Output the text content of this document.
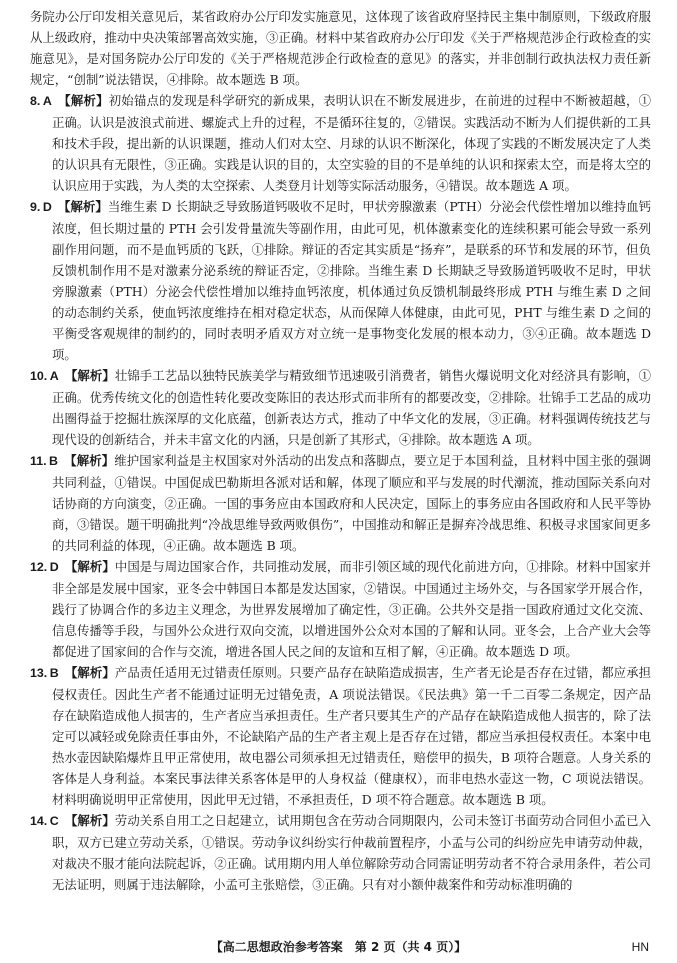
务院办公厅印发相关意见后，某省政府办公厅印发实施意见，这体现了该省政府坚持民主集中制原则，下级政府服从上级政府，推动中央决策部署高效实施，③正确。材料中某省政府办公厅印发《关于严格规范涉企行政检查的实施意见》，是对国务院办公厅印发的《关于严格规范涉企行政检查的意见》的落实，并非创制行政执法权力责任新规定，“创制”说法错误，④排除。故本题选 B 项。

8.  A  【解析】初始锚点的发现是科学研究的新成果，表明认识在不断发展进步，在前进的过程中不断被超越，①正确。认识是波浪式前进、螺旋式上升的过程，不是循环往复的，②错误。实践活动不断为人们提供新的工具和技术手段，提出新的认识课题，推动人们对太空、月球的认识不断深化，体现了实践的不断发展决定了人类的认识具有无限性，③正确。实践是认识的目的，太空实验的目的不是单纯的认识和探索太空，而是将太空的认识应用于实践，为人类的太空探索、人类登月计划等实际活动服务，④错误。故本题选 A 项。

9.  D  【解析】当维生素 D 长期缺乏导致肠道钙吸收不足时，甲状旁腺激素（PTH）分泌会代偿性增加以维持血钙浓度，但长期过量的 PTH 会引发骨量流失等副作用，由此可见，机体激素变化的连续积累可能会导致一系列副作用问题，而不是血钙质的飞跃，①排除。辩证的否定其实质是“扬弃”，是联系的环节和发展的环节，但负反馈机制作用不是对激素分泌系统的辩证否定，②排除。当维生素 D 长期缺乏导致肠道钙吸收不足时，甲状旁腺激素（PTH）分泌会代偿性增加以维持血钙浓度，机体通过负反馈机制最终形成 PTH 与维生素 D 之间的动态制约关系，使血钙浓度维持在相对稳定状态，从而保障人体健康，由此可见，PHT 与维生素 D 之间的平衡受客观规律的制约的，同时表明矛盾双方对立统一是事物变化发展的根本动力，③④正确。故本题选 D 项。

10.  A  【解析】壮锦手工艺品以独特民族美学与精致细节迅速吸引消费者，销售火爆说明文化对经济具有影响，①正确。优秀传统文化的创造性转化要改变陈旧的表达形式而非所有的都要改变，②排除。壮锦手工艺品的成功出圈得益于挖掘壮族深厚的文化底蕴，创新表达方式，推动了中华文化的发展，③正确。材料强调传统技艺与现代设的创新结合，并未丰富文化的内涵，只是创新了其形式，④排除。故本题选 A 项。

11.  B  【解析】维护国家利益是主权国家对外活动的出发点和落脚点，要立足于本国利益，且材料中国主张的强调共同利益，①错误。中国促成巴勒斯坦各派对话和解，体现了顺应和平与发展的时代潮流，推动国际关系向对话协商的方向演变，②正确。一国的事务应由本国政府和人民决定，国际上的事务应由各国政府和人民平等协商，③错误。题干明确批判“冷战思维导致两败俱伤”，中国推动和解正是摒弃冷战思维、积极寻求国家间更多的共同利益的体现，④正确。故本题选 B 项。

12.  D  【解析】中国是与周边国家合作，共同推动发展，而非引领区域的现代化前进方向，①排除。材料中国家并非全部是发展中国家，亚冬会中韩国日本都是发达国家，②错误。中国通过主场外交，与各国家学开展合作，践行了协调合作的多边主义理念，为世界发展增加了确定性，③正确。公共外交是指一国政府通过文化交流、信息传播等手段，与国外公众进行双向交流，以增进国外公众对本国的了解和认同。亚冬会，上合产业大会等都促进了国家间的合作与交流，增进各国人民之间的友谊和互相了解，④正确。故本题选 D 项。

13.  B  【解析】产品责任适用无过错责任原则。只要产品存在缺陷造成损害，生产者无论是否存在过错，都应承担侵权责任。因此生产者不能通过证明无过错免责，A 项说法错误。《民法典》第一千二百零二条规定，因产品存在缺陷造成他人损害的，生产者应当承担责任。生产者只要其生产的产品存在缺陷造成他人损害的，除了法定可以减轻或免除责任事由外，不论缺陷产品的生产者主观上是否存在过错，都应当承担侵权责任。本案中电热水壶因缺陷爆炸且甲正常使用，故电器公司须承担无过错责任，赔偿甲的损失，B 项符合题意。人身关系的客体是人身利益。本案民事法律关系客体是甲的人身权益（健康权），而非电热水壶这一物，C 项说法错误。材料明确说明甲正常使用，因此甲无过错，不承担责任，D 项不符合题意。故本题选 B 项。

14.  C  【解析】劳动关系自用工之日起建立，试用期包含在劳动合同期限内，公司未签订书面劳动合同但小孟已入职，双方已建立劳动关系，①错误。劳动争议纠纷实行仲裁前置程序，小孟与公司的纠纷应先申请劳动仲裁，对裁决不服才能向法院起诉，②正确。试用期内用人单位解除劳动合同需证明劳动者不符合录用条件，若公司无法证明，则属于违法解除，小孟可主张赔偿，③正确。只有对小额仲裁案件和劳动标准明确的

【高二思想政治参考答案　第 2 页（共 4 页）】	HN
